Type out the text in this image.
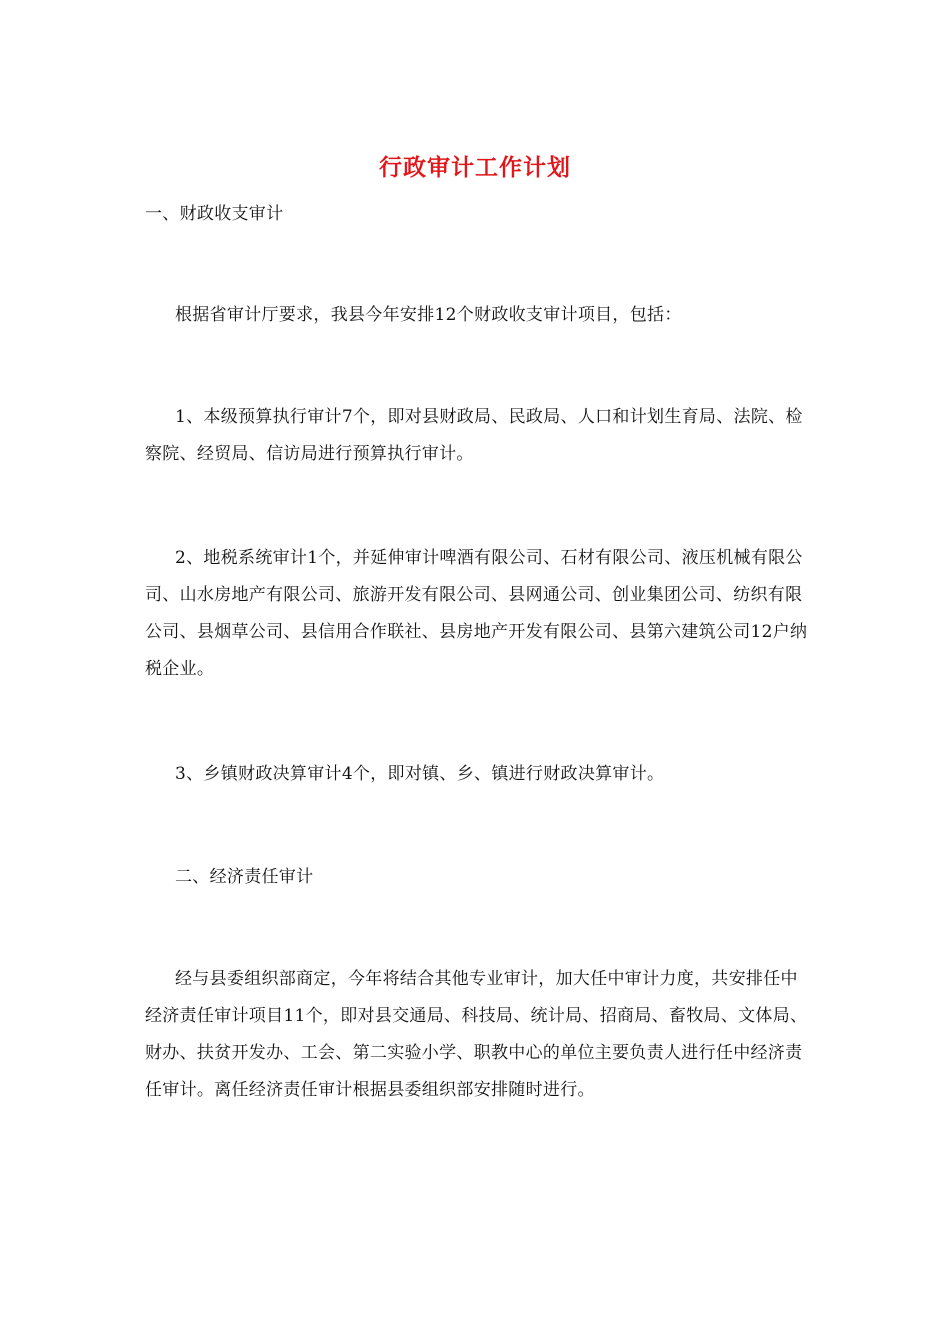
行政审计工作计划
一、财政收支审计
根据省审计厅要求，我县今年安排12个财政收支审计项目，包括：
1、本级预算执行审计7个，即对县财政局、民政局、人口和计划生育局、法院、检察院、经贸局、信访局进行预算执行审计。
2、地税系统审计1个，并延伸审计啤酒有限公司、石材有限公司、液压机械有限公司、山水房地产有限公司、旅游开发有限公司、县网通公司、创业集团公司、纺织有限公司、县烟草公司、县信用合作联社、县房地产开发有限公司、县第六建筑公司12户纳税企业。
3、乡镇财政决算审计4个，即对镇、乡、镇进行财政决算审计。
二、经济责任审计
经与县委组织部商定，今年将结合其他专业审计，加大任中审计力度，共安排任中经济责任审计项目11个，即对县交通局、科技局、统计局、招商局、畜牧局、文体局、财办、扶贫开发办、工会、第二实验小学、职教中心的单位主要负责人进行任中经济责任审计。离任经济责任审计根据县委组织部安排随时进行。
